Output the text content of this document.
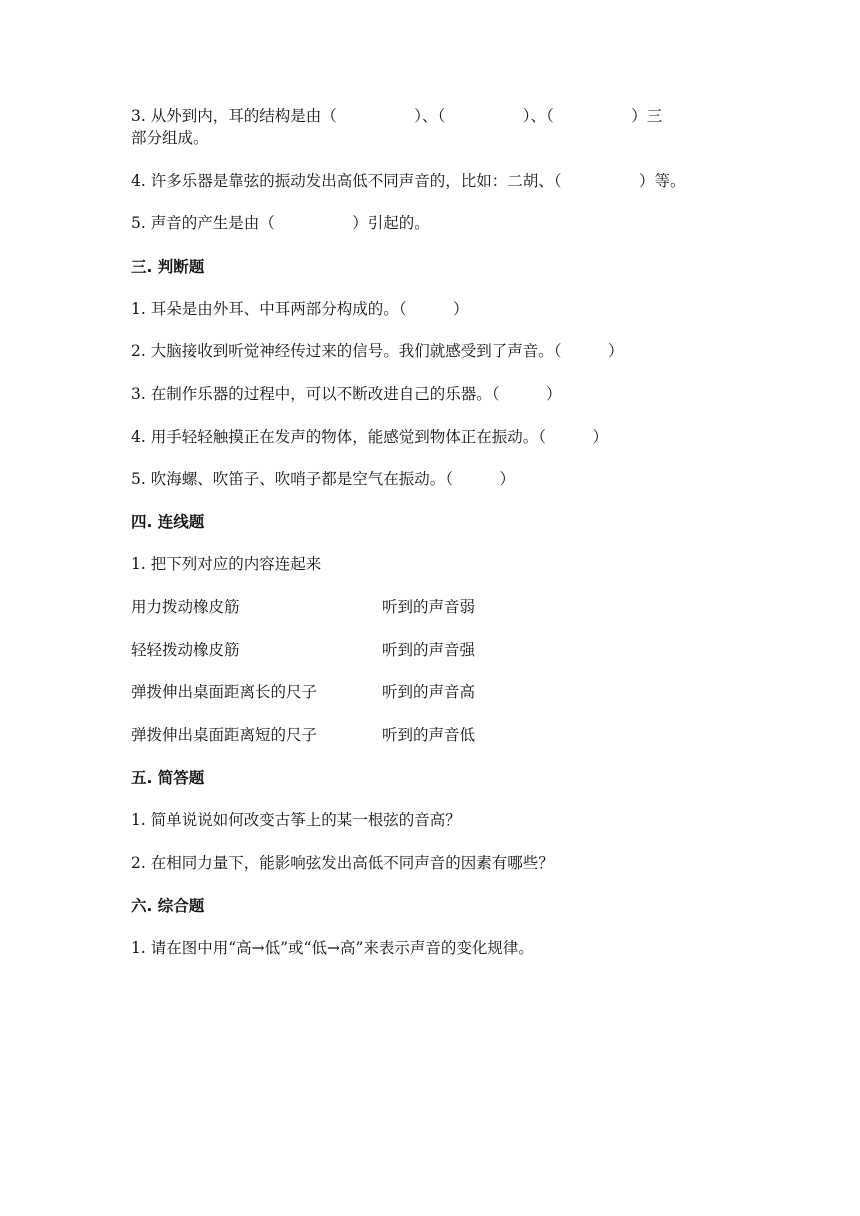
3. 从外到内，耳的结构是由（　　　　　）、（　　　　　）、（　　　　　）三
部分组成。
4. 许多乐器是靠弦的振动发出高低不同声音的，比如：二胡、（　　　　　）等。
5. 声音的产生是由（　　　　　）引起的。
三. 判断题
1. 耳朵是由外耳、中耳两部分构成的。（　　　）
2. 大脑接收到听觉神经传过来的信号。我们就感受到了声音。（　　　）
3. 在制作乐器的过程中，可以不断改进自己的乐器。（　　　）
4. 用手轻轻触摸正在发声的物体，能感觉到物体正在振动。（　　　）
5. 吹海螺、吹笛子、吹哨子都是空气在振动。（　　　）
四. 连线题
1. 把下列对应的内容连起来
用力拨动橡皮筋	听到的声音弱
轻轻拨动橡皮筋	听到的声音强
弹拨伸出桌面距离长的尺子	听到的声音高
弹拨伸出桌面距离短的尺子	听到的声音低
五. 简答题
1. 简单说说如何改变古筝上的某一根弦的音高？
2. 在相同力量下，能影响弦发出高低不同声音的因素有哪些？
六. 综合题
1. 请在图中用“高→低”或“低→高”来表示声音的变化规律。
